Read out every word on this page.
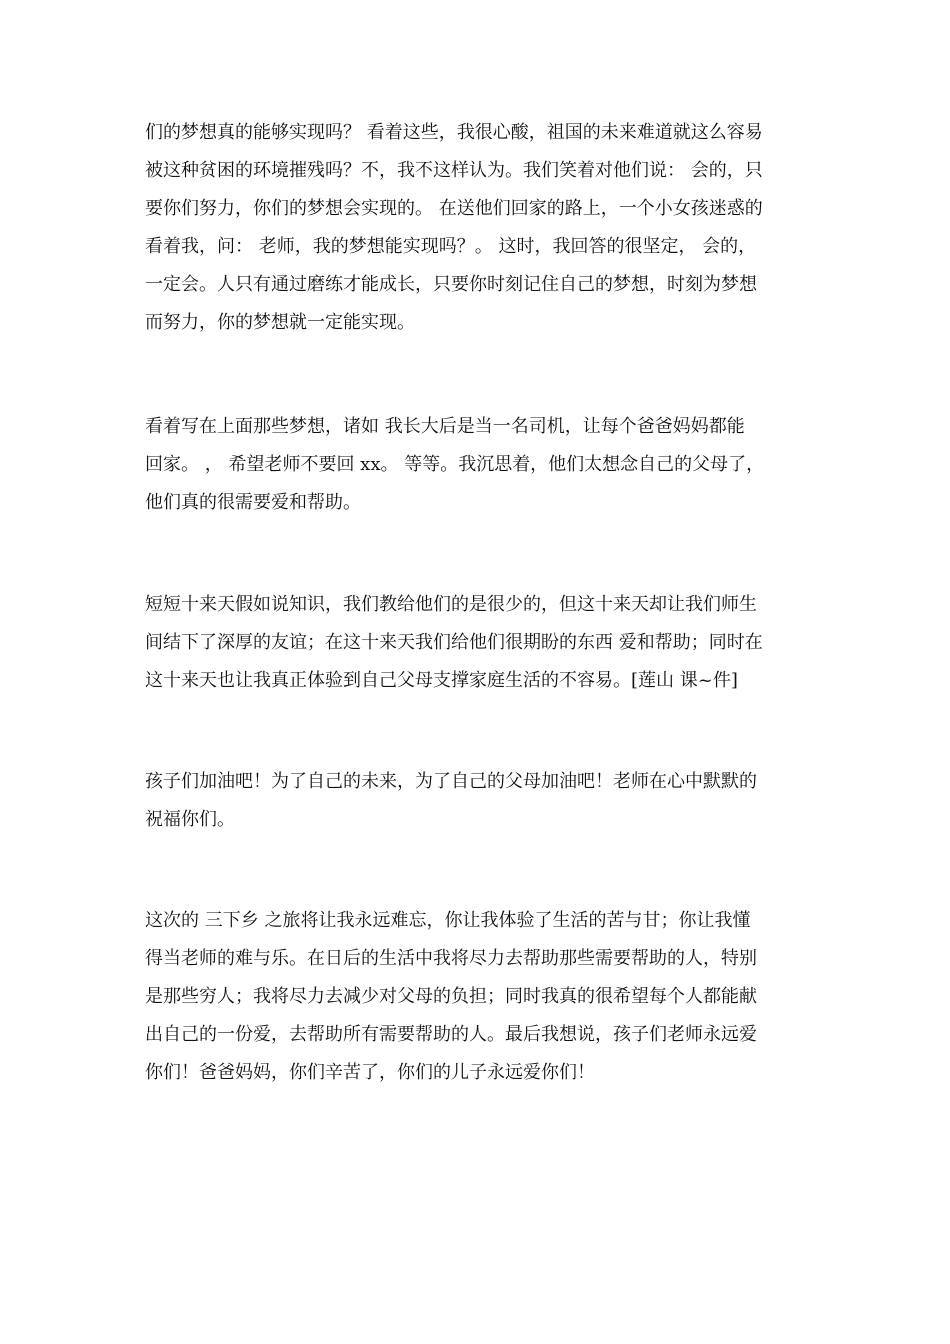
们的梦想真的能够实现吗？ 看着这些，我很心酸，祖国的未来难道就这么容易
被这种贫困的环境摧残吗？不，我不这样认为。我们笑着对他们说： 会的，只
要你们努力，你们的梦想会实现的。 在送他们回家的路上，一个小女孩迷惑的
看着我，问： 老师，我的梦想能实现吗？。 这时，我回答的很坚定， 会的，
一定会。人只有通过磨练才能成长，只要你时刻记住自己的梦想，时刻为梦想
而努力，你的梦想就一定能实现。
看着写在上面那些梦想，诸如 我长大后是当一名司机，让每个爸爸妈妈都能
回家。 ， 希望老师不要回 xx。 等等。我沉思着，他们太想念自己的父母了，
他们真的很需要爱和帮助。
短短十来天假如说知识，我们教给他们的是很少的，但这十来天却让我们师生
间结下了深厚的友谊；在这十来天我们给他们很期盼的东西 爱和帮助；同时在
这十来天也让我真正体验到自己父母支撑家庭生活的不容易。[莲山 课~件]
孩子们加油吧！为了自己的未来，为了自己的父母加油吧！老师在心中默默的
祝福你们。
这次的 三下乡 之旅将让我永远难忘，你让我体验了生活的苦与甘；你让我懂
得当老师的难与乐。在日后的生活中我将尽力去帮助那些需要帮助的人，特别
是那些穷人；我将尽力去减少对父母的负担；同时我真的很希望每个人都能献
出自己的一份爱，去帮助所有需要帮助的人。最后我想说，孩子们老师永远爱
你们！爸爸妈妈，你们辛苦了，你们的儿子永远爱你们！
